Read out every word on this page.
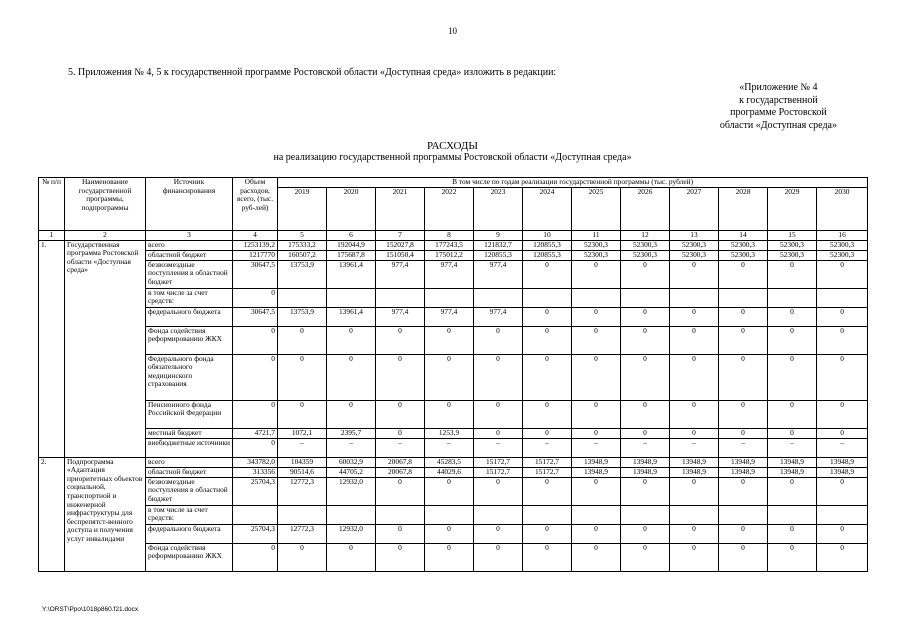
10
5. Приложения № 4, 5 к государственной программе Ростовской области «Доступная среда» изложить в редакции:
«Приложение № 4
к государственной
программе Ростовской
области «Доступная среда»
РАСХОДЫ
на реализацию государственной программы Ростовской области «Доступная среда»
№ п/п	Наименование государственной программы, подпрограммы	Источник финансирования	Объем расходов, всего, (тыс. руб-лей)	В том числе по годам реализации государственной программы (тыс. рублей)											
				2019	2020	2021	2022	2023	2024	2025	2026	2027	2028	2029	2030
1	2	3	4	5	6	7	8	9	10	11	12	13	14	15	16
1.	Государственная программа Ростовской области «Доступная среда»	всего	1253139,2	175333,2	192044,9	152027,8	177243,5	121832,7	120855,3	52300,3	52300,3	52300,3	52300,3	52300,3	52300,3
		областной бюджет	1217770	160507,2	175687,8	151050,4	175012,2	120855,3	120855,3	52300,3	52300,3	52300,3	52300,3	52300,3	52300,3
		безвозмездные поступления в областной бюджет	30647,5	13753,9	13961,4	977,4	977,4	977,4	0	0	0	0	0	0	0
		в том числе за счет средств:	0												
		федерального бюджета	30647,5	13753,9	13961,4	977,4	977,4	977,4	0	0	0	0	0	0	0
		Фонда содействия реформированию ЖКХ	0	0	0	0	0	0	0	0	0	0	0	0	0
		Федерального фонда обязательного медицинского страхования	0	0	0	0	0	0	0	0	0	0	0	0	0
		Пенсионного фонда Российской Федерации	0	0	0	0	0	0	0	0	0	0	0	0	0
		местный бюджет	4721,7	1072,1	2395,7	0	1253,9	0	0	0	0	0	0	0	0
		внебюджетные источники	0	–	–	–	–	–	–	–	–	–	–	–	–
2.	Подпрограмма «Адаптация приоритетных объектов социальной, транспортной и инженерной инфраструктуры для беспрепятст-венного доступа и получения услуг инвалидами	всего	343782,0	104359	60032,9	20067,8	45283,5	15172,7	15172,7	13948,9	13948,9	13948,9	13948,9	13948,9	13948,9
		областной бюджет	313356	90514,6	44705,2	20067,8	44029,6	15172,7	15172,7	13948,9	13948,9	13948,9	13948,9	13948,9	13948,9
		безвозмездные поступления в областной бюджет	25704,3	12772,3	12932,0	0	0	0	0	0	0	0	0	0	0
		в том числе за счет средств:													
		федерального бюджета	25704,3	12772,3	12932,0	0	0	0	0	0	0	0	0	0	0
		Фонда содействия реформированию ЖКХ	0	0	0	0	0	0	0	0	0	0	0	0	0
Y:\ORST\Ppo\1018p860.f21.docx
